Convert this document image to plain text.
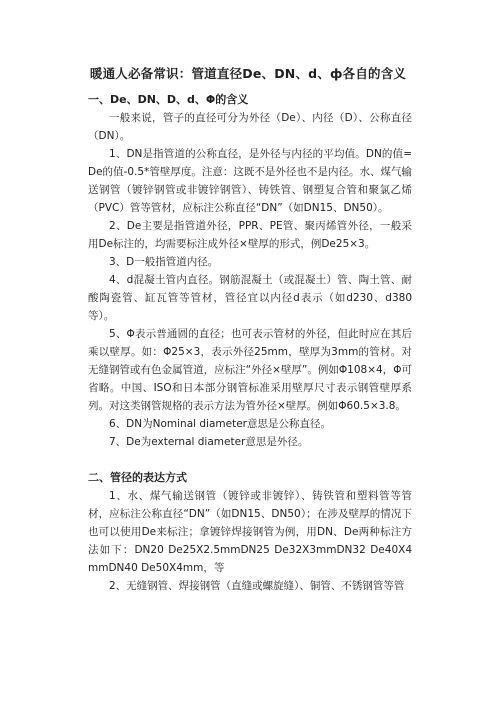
暖通人必备常识：管道直径De、DN、d、ф各自的含义
一、De、DN、D、d、Φ的含义

一般来说，管子的直径可分为外径（De）、内径（D）、公称直径（DN）。

1、DN是指管道的公称直径，是外径与内径的平均值。DN的值=De的值-0.5*管壁厚度。注意：这既不是外径也不是内径。水、煤气输送钢管（镀锌钢管或非镀锌钢管）、铸铁管、钢塑复合管和聚氯乙烯（PVC）管等管材，应标注公称直径“DN”（如DN15、DN50）。

2、De主要是指管道外径，PPR、PE管、聚丙烯管外径，一般采用De标注的，均需要标注成外径×壁厚的形式，例De25×3。

3、D一般指管道内径。

4、d混凝土管内直径。钢筋混凝土（或混凝土）管、陶土管、耐酸陶瓷管、缸瓦管等管材，管径宜以内径d表示（如d230、d380等）。

5、Φ表示普通圆的直径；也可表示管材的外径，但此时应在其后乘以壁厚。如：Φ25×3，表示外径25mm，壁厚为3mm的管材。对无缝钢管或有色金属管道，应标注“外径×壁厚”。例如Φ108×4，Φ可省略。中国、ISO和日本部分钢管标准采用壁厚尺寸表示钢管壁厚系列。对这类钢管规格的表示方法为管外径×壁厚。例如Φ60.5×3.8。

6、DN为Nominal diameter意思是公称直径。

7、De为external diameter意思是外径。

二、管径的表达方式

1、水、煤气输送钢管（镀锌或非镀锌）、铸铁管和塑料管等管材，应标注公称直径“DN”（如DN15、DN50）；在涉及壁厚的情况下也可以使用De来标注；拿镀锌焊接钢管为例，用DN、De两种标注方法如下：DN20 De25X2.5mmDN25 De32X3mmDN32 De40X4mmDN40 De50X4mm，等

2、无缝钢管、焊接钢管（直缝或螺旋缝）、铜管、不锈钢管等管
